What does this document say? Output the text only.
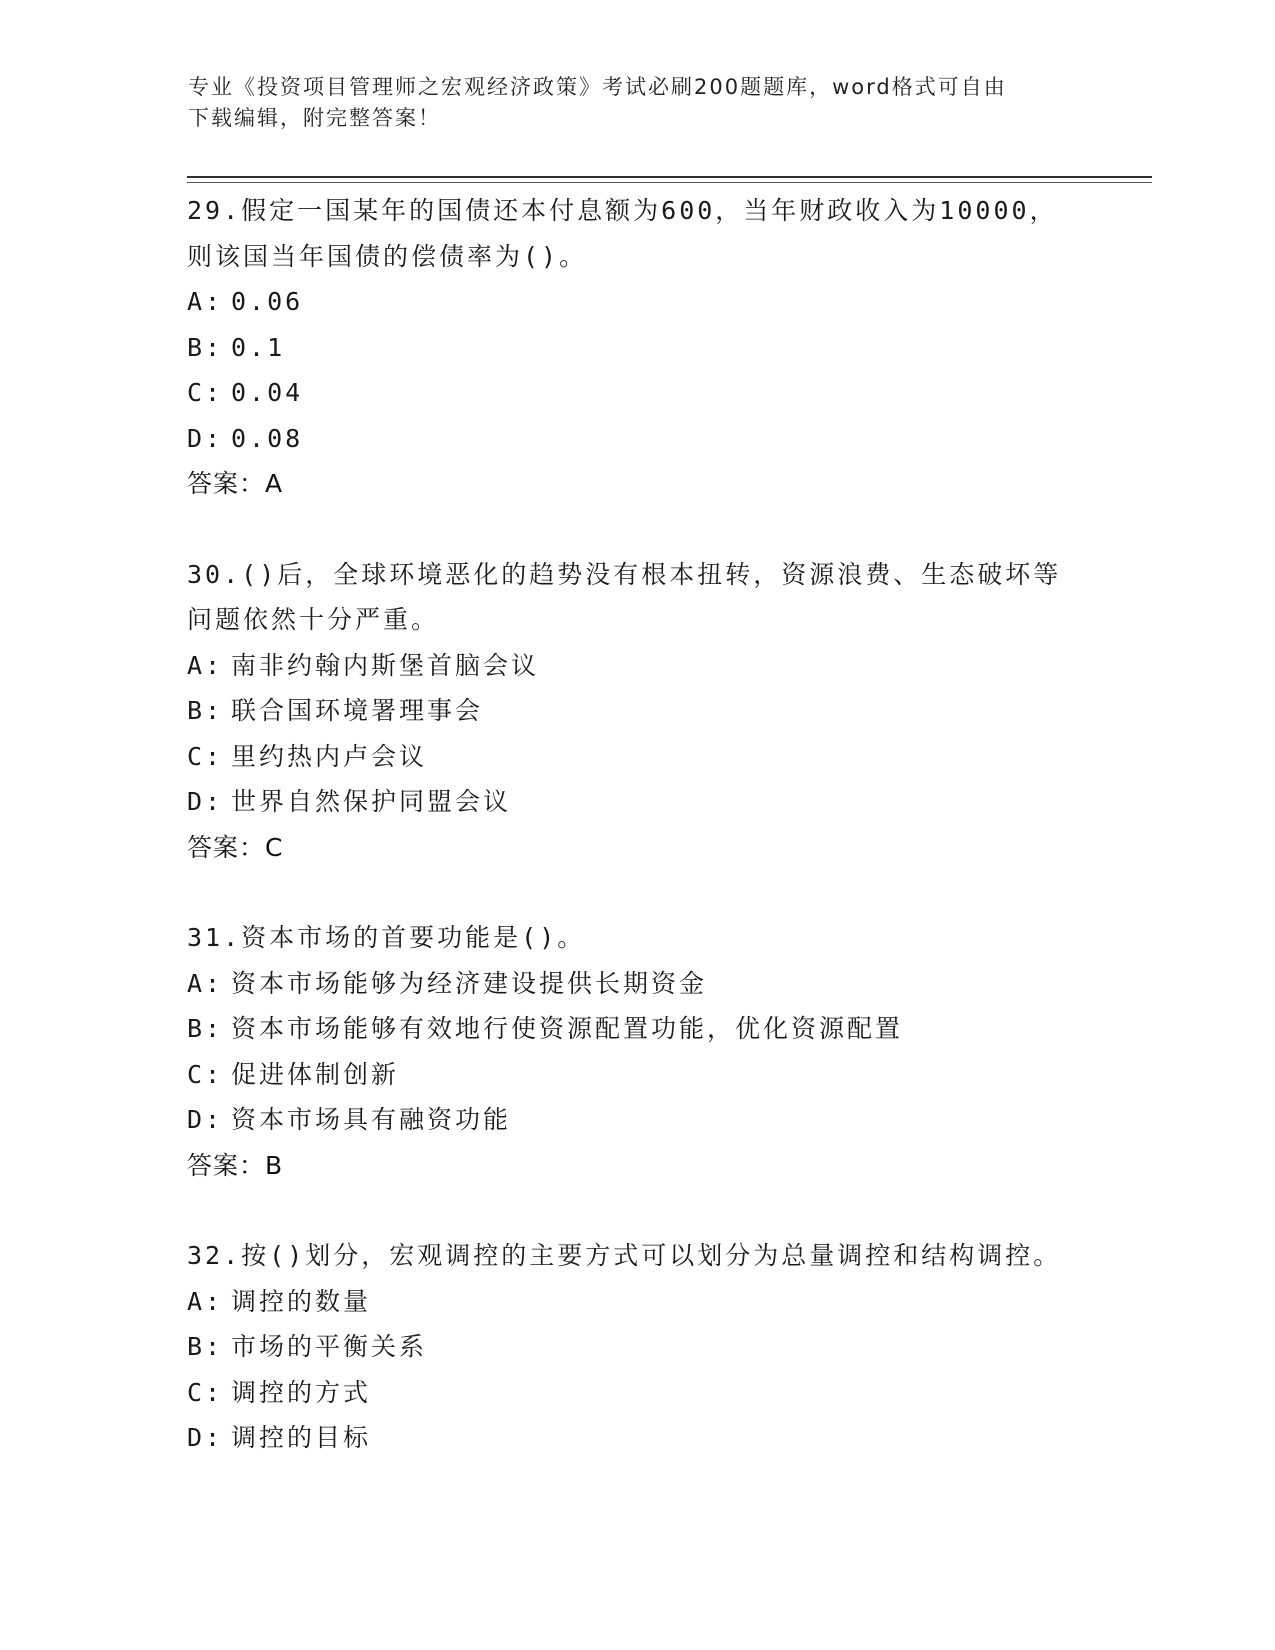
专业《投资项目管理师之宏观经济政策》考试必刷200题题库，word格式可自由
下载编辑，附完整答案！
29.假定一国某年的国债还本付息额为600，当年财政收入为10000，
则该国当年国债的偿债率为()。
A: 0.06
B: 0.1
C: 0.04
D: 0.08
答案：A
30.()后，全球环境恶化的趋势没有根本扭转，资源浪费、生态破坏等
问题依然十分严重。
A: 南非约翰内斯堡首脑会议
B: 联合国环境署理事会
C: 里约热内卢会议
D: 世界自然保护同盟会议
答案：C
31.资本市场的首要功能是()。
A: 资本市场能够为经济建设提供长期资金
B: 资本市场能够有效地行使资源配置功能，优化资源配置
C: 促进体制创新
D: 资本市场具有融资功能
答案：B
32.按()划分，宏观调控的主要方式可以划分为总量调控和结构调控。
A: 调控的数量
B: 市场的平衡关系
C: 调控的方式
D: 调控的目标
